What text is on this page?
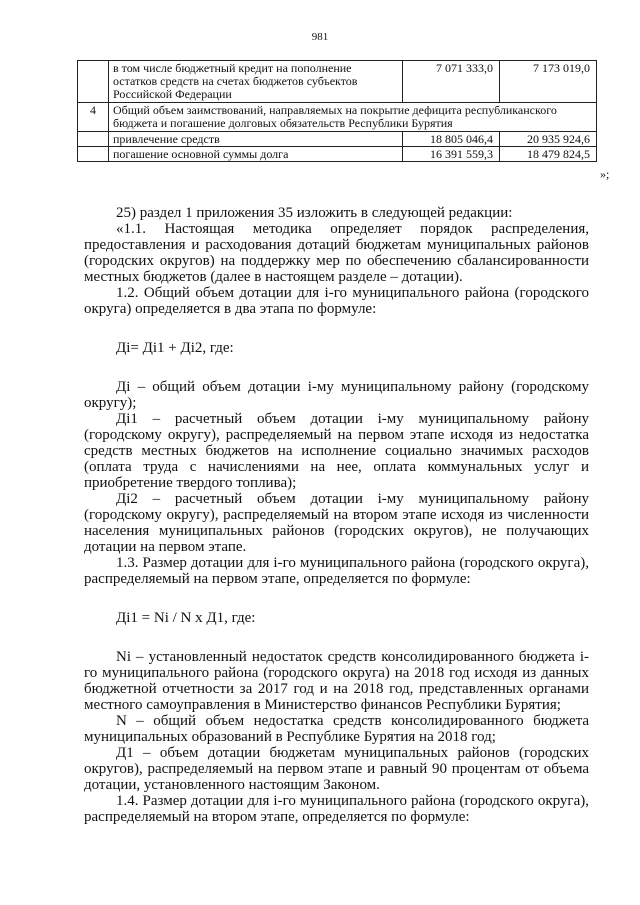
981
	в том числе бюджетный кредит на пополнение остатков средств на счетах бюджетов субъектов Российской Федерации	7 071 333,0	7 173 019,0
4	Общий объем заимствований, направляемых на покрытие дефицита республиканского бюджета и погашение долговых обязательств Республики Бурятия		
	привлечение средств	18 805 046,4	20 935 924,6
	погашение основной суммы долга	16 391 559,3	18 479 824,5
»;

25) раздел 1 приложения 35 изложить в следующей редакции:

«1.1. Настоящая методика определяет порядок распределения, предоставления и расходования дотаций бюджетам муниципальных районов (городских округов) на поддержку мер по обеспечению сбалансированности местных бюджетов (далее в настоящем разделе – дотации).

1.2. Общий объем дотации для i-го муниципального района (городского округа) определяется в два этапа по формуле:

Дi= Дi1 + Дi2, где:

Дi – общий объем дотации i-му муниципальному району (городскому округу);

Дi1 – расчетный объем дотации i-му муниципальному району (городскому округу), распределяемый на первом этапе исходя из недостатка средств местных бюджетов на исполнение социально значимых расходов (оплата труда с начислениями на нее, оплата коммунальных услуг и приобретение твердого топлива);

Дi2 – расчетный объем дотации i-му муниципальному району (городскому округу), распределяемый на втором этапе исходя из численности населения муниципальных районов (городских округов), не получающих дотации на первом этапе.

1.3. Размер дотации для i-го муниципального района (городского округа), распределяемый на первом этапе, определяется по формуле:

Дi1 = Ni / N х Д1, где:

Ni – установленный недостаток средств консолидированного бюджета i-го муниципального района (городского округа) на 2018 год исходя из данных бюджетной отчетности за 2017 год и на 2018 год, представленных органами местного самоуправления в Министерство финансов Республики Бурятия;

N – общий объем недостатка средств консолидированного бюджета муниципальных образований в Республике Бурятия на 2018 год;

Д1 – объем дотации бюджетам муниципальных районов (городских округов), распределяемый на первом этапе и равный 90 процентам от объема дотации, установленного настоящим Законом.

1.4. Размер дотации для i-го муниципального района (городского округа), распределяемый на втором этапе, определяется по формуле:
